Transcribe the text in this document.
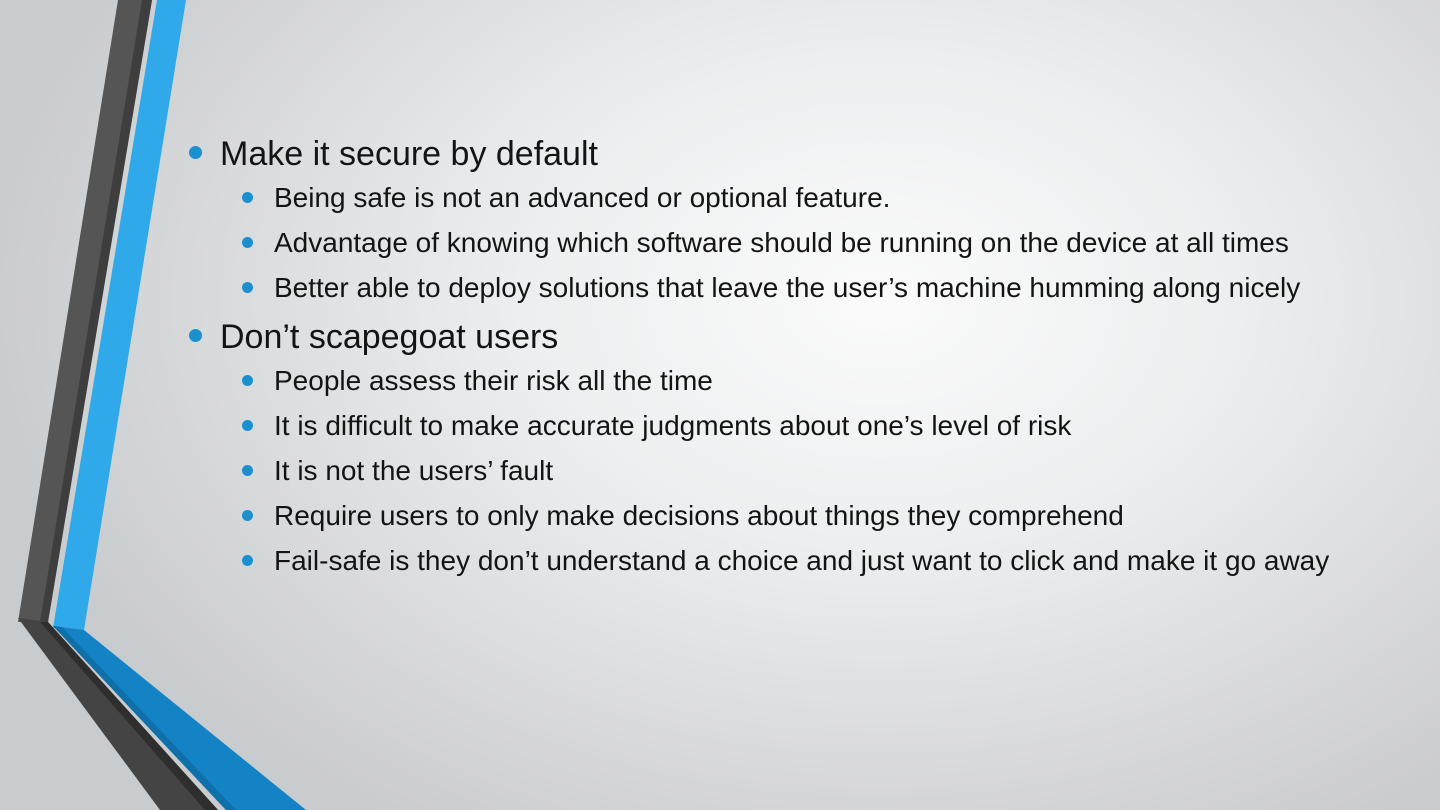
Make it secure by default
Being safe is not an advanced or optional feature.
Advantage of knowing which software should be running on the device at all times
Better able to deploy solutions that leave the user’s machine humming along nicely
Don’t scapegoat users
People assess their risk all the time
It is difficult to make accurate judgments about one’s level of risk
It is not the users’ fault
Require users to only make decisions about things they comprehend
Fail-safe is they don’t understand a choice and just want to click and make it go away
